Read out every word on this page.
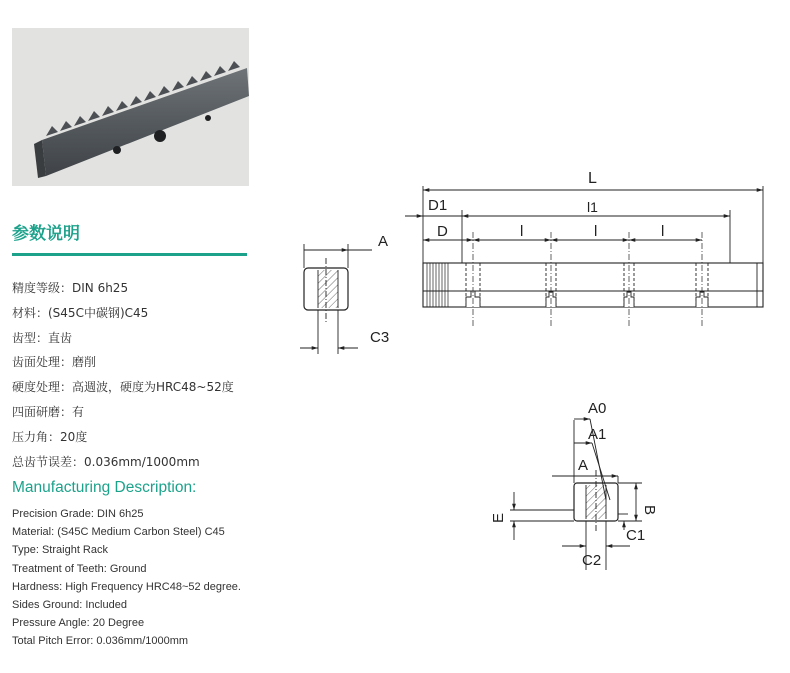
参数说明
精度等级：DIN 6h25
材料：(S45C中碳钢)C45
齿型：直齿
齿面处理：磨削
硬度处理：高週波，硬度为HRC48~52度
四面研磨：有
压力角：20度
总齿节误差：0.036mm/1000mm
Manufacturing Description:
Precision Grade: DIN 6h25
Material: (S45C Medium Carbon Steel) C45
Type: Straight Rack
Treatment of Teeth: Ground
Hardness: High Frequency HRC48~52 degree.
Sides Ground: Included
Pressure Angle: 20 Degree
Total Pitch Error: 0.036mm/1000mm
A
C3
L
D1	l1
D	l	l	l
A0
A1
A
B
C1
E
C2
